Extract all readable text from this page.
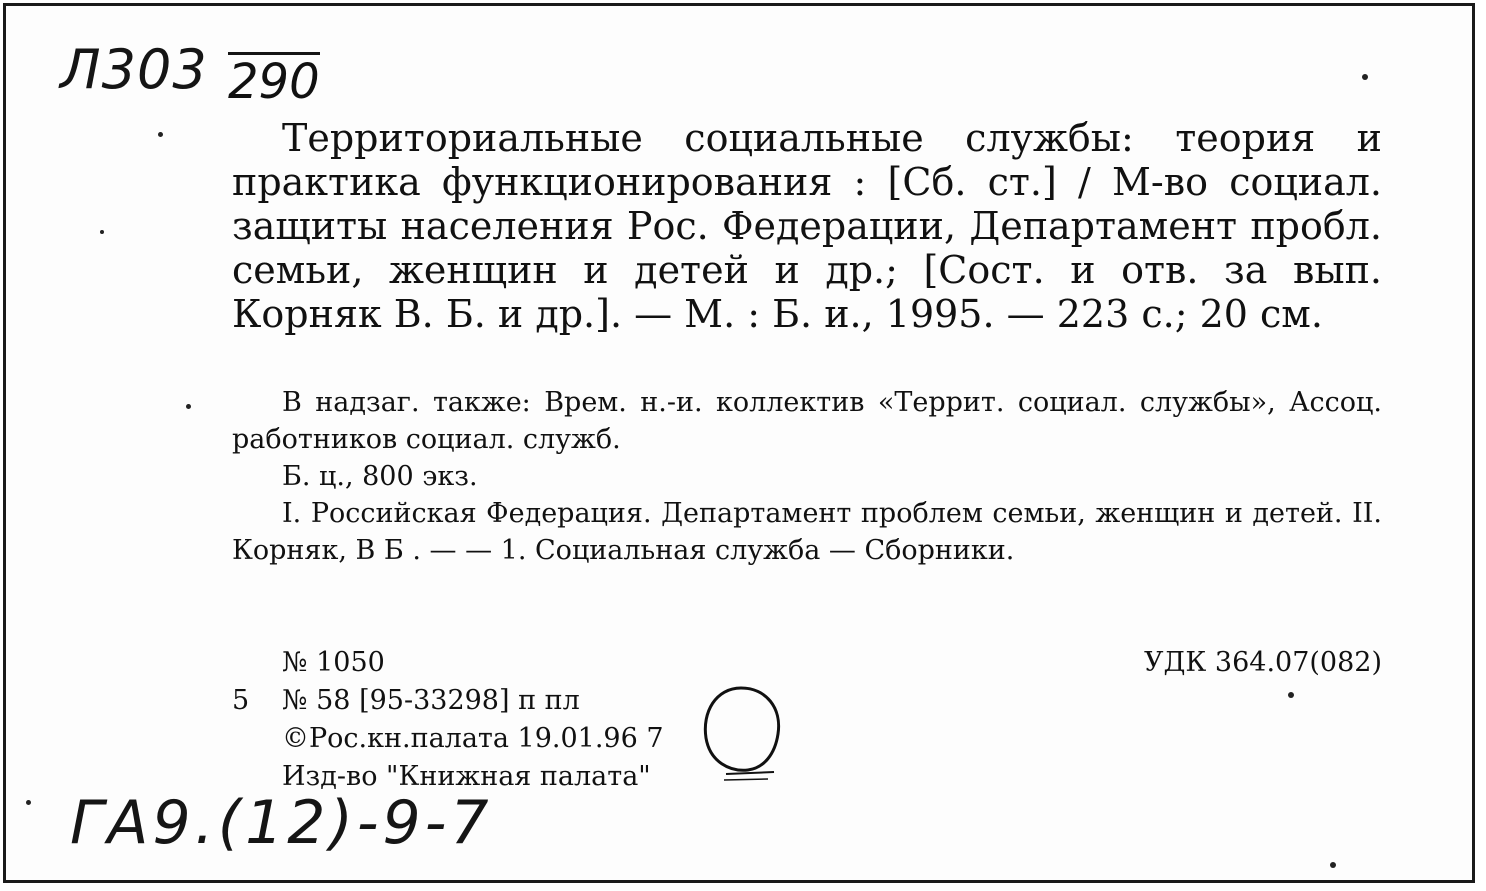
Л303 290
Территориальные социальные службы: теория и практика функционирования : [Сб. ст.] / М-во социал. защиты населения Рос. Федерации, Департамент пробл. семьи, женщин и детей и др.; [Сост. и отв. за вып. Корняк В. Б. и др.]. — М. : Б. и., 1995. — 223 с.; 20 см.

В надзаг. также: Врем. н.-и. коллектив «Террит. социал. службы», Ассоц. работников социал. служб.

Б. ц., 800 экз.

I. Российская Федерация. Департамент проблем семьи, женщин и детей. II. Корняк, В Б . — — 1. Социальная служба — Сборники.

№ 1050
5 № 58 [95-33298] п пл
©Рос.кн.палата 19.01.96 7
Изд-во "Книжная палата"
УДК 364.07(082)
ГА9.(12)-9-7
